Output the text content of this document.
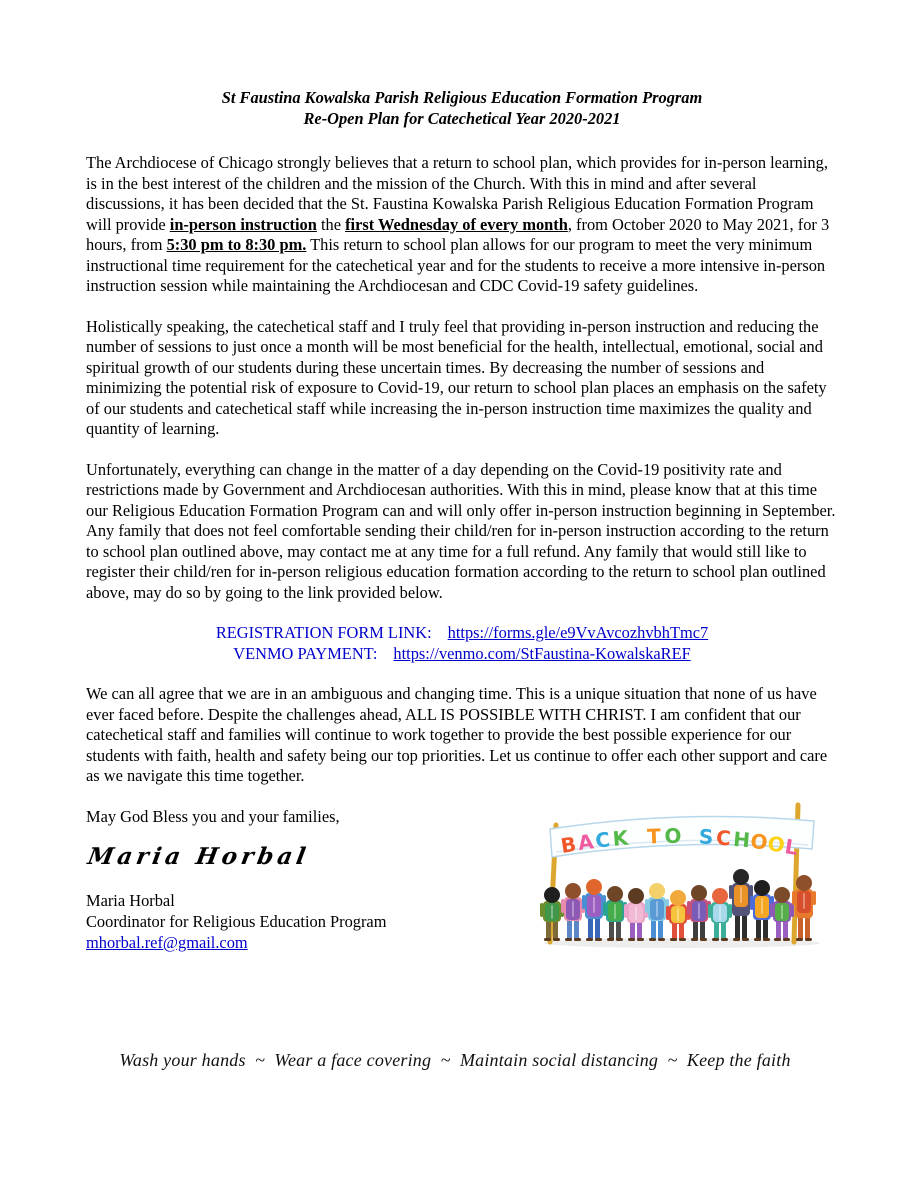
St Faustina Kowalska Parish Religious Education Formation Program
Re-Open Plan for Catechetical Year 2020-2021

The Archdiocese of Chicago strongly believes that a return to school plan, which provides for in-person learning, is in the best interest of the children and the mission of the Church. With this in mind and after several discussions, it has been decided that the St. Faustina Kowalska Parish Religious Education Formation Program will provide in-person instruction the first Wednesday of every month, from October 2020 to May 2021, for 3 hours, from 5:30 pm to 8:30 pm. This return to school plan allows for our program to meet the very minimum instructional time requirement for the catechetical year and for the students to receive a more intensive in-person instruction session while maintaining the Archdiocesan and CDC Covid-19 safety guidelines.

Holistically speaking, the catechetical staff and I truly feel that providing in-person instruction and reducing the number of sessions to just once a month will be most beneficial for the health, intellectual, emotional, social and spiritual growth of our students during these uncertain times. By decreasing the number of sessions and minimizing the potential risk of exposure to Covid-19, our return to school plan places an emphasis on the safety of our students and catechetical staff while increasing the in-person instruction time maximizes the quality and quantity of learning.

Unfortunately, everything can change in the matter of a day depending on the Covid-19 positivity rate and restrictions made by Government and Archdiocesan authorities. With this in mind, please know that at this time our Religious Education Formation Program can and will only offer in-person instruction beginning in September. Any family that does not feel comfortable sending their child/ren for in-person instruction according to the return to school plan outlined above, may contact me at any time for a full refund. Any family that would still like to register their child/ren for in-person religious education formation according to the return to school plan outlined above, may do so by going to the link provided below.

REGISTRATION FORM LINK: https://forms.gle/e9VvAvcozhvbhTmc7
VENMO PAYMENT: https://venmo.com/StFaustina-KowalskaREF

We can all agree that we are in an ambiguous and changing time. This is a unique situation that none of us have ever faced before. Despite the challenges ahead, ALL IS POSSIBLE WITH CHRIST. I am confident that our catechetical staff and families will continue to work together to provide the best possible experience for our students with faith, health and safety being our top priorities. Let us continue to offer each other support and care as we navigate this time together.

May God Bless you and your families,
Maria Horbal
Maria Horbal
Coordinator for Religious Education Program
mhorbal.ref@gmail.com
B
A C K T O S C H
O
O
L
Wash your hands  ~  Wear a face covering  ~  Maintain social distancing  ~  Keep the faith
